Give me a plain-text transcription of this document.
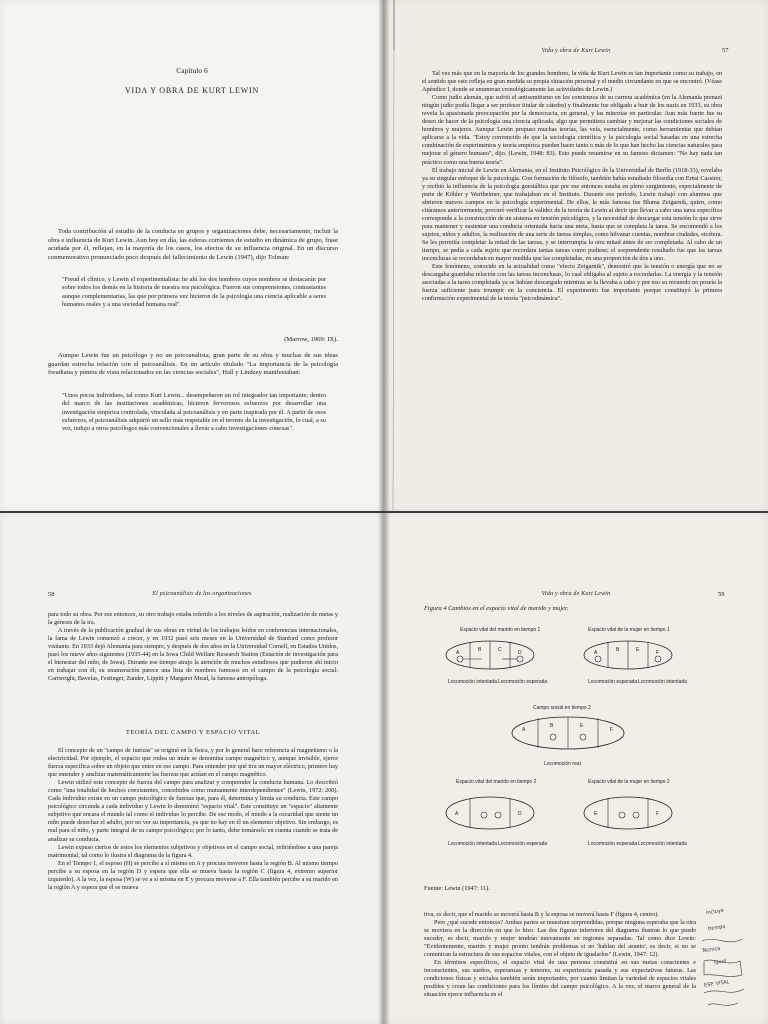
Capítulo 6
VIDA Y OBRA DE KURT LEWIN

Toda contribución al estudio de la conducta en grupos y organizaciones debe, necesariamente, incluir la obra e influencia de Kurt Lewin. Aun hoy en día, las esferas corrientes de estudio en dinámica de grupo, frase acuñada por él, reflejan, en la mayoría de los casos, los efectos de su influencia original. En un discurso conmemorativo pronunciado poco después del fallecimiento de Lewin (1947), dijo Tolman:

"Freud el clínico, y Lewin el experimentalista: he ahí los dos hombres cuyos nombres se destacarán por sobre todos los demás en la historia de nuestra era psicológica. Fueron sus comprensiones, contrastantes aunque complementarias, las que por primera vez hicieron de la psicología una ciencia aplicable a seres humanos reales y a una sociedad humana real".
(Marrow, 1969: IX).

Aunque Lewin fue un psicólogo y no un psicoanalista, gran parte de su obra y muchas de sus ideas guardan estrecha relación con el psicoanálisis. En un artículo titulado "La importancia de la psicología freudiana y puntos de vista relacionados en las ciencias sociales", Hall y Lindzey manifestaban:

"Unos pocos individuos, tal como Kurt Lewin... desempeñaron un rol integrador tan importante; dentro del marco de las instituciones académicas, hicieron fervorosos esfuerzos por desarrollar una investigación empírica controlada, vinculada al psicoanálisis y en parte inspirada por él. A partir de esos esfuerzos, el psicoanálisis adquirió un sello más respetable en el terreno de la investigación, lo cual, a su vez, indujo a otros psicólogos más convencionales a llevar a cabo investigaciones conexas".
Vida y obra de Kurt Lewin	57

Tal vez más que en la mayoría de los grandes hombres, la vida de Kurt Lewin es tan importante como su trabajo, en el sentido que este refleja en gran medida su propia situación personal y el medio circundante en que se encontró. (Véase Apéndice I, donde se enumeran cronológicamente las actividades de Lewin.)

Como judío alemán, que sufrió el antisemitismo en los comienzos de su carrera académica (en la Alemania prenazi ningún judío podía llegar a ser profesor titular de cátedra) y finalmente fue obligado a huir de los nazis en 1933, su obra revela la apasionada preocupación por la democracia, en general, y las minorías en particular. Aun más fuerte fue su deseo de hacer de la psicología una ciencia aplicada, algo que permitiera cambiar y mejorar las condiciones sociales de hombres y mujeres. Aunque Lewin propuso muchas teorías, las veía, esencialmente, como herramientas que debían aplicarse a la vida. "Estoy convencido de que la sociología científica y la psicología social basadas en una estrecha combinación de experimentos y teoría empírica pueden hacer tanto o más de lo que han hecho las ciencias naturales para mejorar el género humano", dijo. (Lewin, 1948: 83). Esto puede resumirse en su famoso dictamen: "No hay nada tan práctico como una buena teoría".

El trabajo inicial de Lewin en Alemania, en el Instituto Psicológico de la Universidad de Berlín (1918-33), revelaba ya su singular enfoque de la psicología. Con formación de filósofo, también había estudiado filosofía con Ernst Cassirer, y recibió la influencia de la psicología guestáltica que por ese entonces estaba en pleno surgimiento, especialmente de parte de Köhler y Wertheimer, que trabajaban en el Instituto. Durante ese período, Lewin trabajó con alumnos que abrieron nuevos campos en la psicología experimental. De ellos, la más famosa fue Bluma Zeigarnik, quien, como citáramos anteriormente, procuró verificar la validez de la teoría de Lewin al decir que llevar a cabo una tarea específica corresponde a la construcción de un sistema en tensión psicológica, y la necesidad de descargar esta tensión lo que sirve para mantener y sustentar una conducta orientada hacia una meta, hasta que se completa la tarea. Se encomendó a los sujetos, niños y adultos, la realización de una serie de tareas simples, como hilvanar cuentas, nombrar ciudades, etcétera. Se les permitía completar la mitad de las tareas, y se interrumpía la otra mitad antes de ser completada. Al cabo de un tiempo, se pedía a cada sujeto que recordara tantas tareas como pudiese; el sorprendente resultado fue que las tareas inconclusas se recordaban en mayor medida que las completadas, en una proporción de dos a uno.

Este fenómeno, conocido en la actualidad como "efecto Zeigarnik", demostró que la tensión o energía que no se descargaba guardaba relación con las tareas inconclusas, lo cual obligaba al sujeto a recordarlas. La energía y la tensión asociadas a la tarea completada ya se habían descargado mientras se la llevaba a cabo y por eso su recuerdo no poseía la fuerza suficiente para irrumpir en la conciencia. El experimento fue importante porque constituyó la primera confirmación experimental de la teoría "psicodinámica".

58	El psicoanálisis de las organizaciones

para todo su obra. Por ese entonces, su otro trabajo estaba referido a los niveles de aspiración, realización de metas y la génesis de la ira.

A través de la publicación gradual de sus obras en virtud de los trabajos leídos en conferencias internacionales, la fama de Lewin comenzó a crecer, y en 1932 pasó seis meses en la Universidad de Stanford como profesor visitante. En 1933 dejó Alemania para siempre, y después de dos años en la Universidad Cornell, en Estados Unidos, pasó los nueve años siguientes (1935-44) en la Iowa Child Welfare Research Station (Estación de investigación para el bienestar del niño, de Iowa). Durante ese tiempo atrajo la atención de muchos estudiosos que pudieron ahí inicio en trabajar con él; su enumeración parece una lista de nombres famosos en el campo de la psicología social: Cartwright, Bavelas, Festinger, Zander, Lippitt y Margaret Mead, la famosa antropóloga.

TEORÍA DEL CAMPO Y ESPACIO VITAL

El concepto de un "campo de fuerzas" se originó en la física, y por lo general hace referencia al magnetismo o la electricidad. Por ejemplo, el espacio que rodea un imán se denomina campo magnético y, aunque invisible, ejerce fuerza específica sobre un objeto que entre en ese campo. Para entender por qué tira un mayor eléctrico, primero hay que entender y analizar matemáticamente las fuerzas que actúan en el campo magnético.

Lewin utilizó este concepto de fuerza del campo para analizar y comprender la conducta humana. Lo describió como "una totalidad de hechos coexistentes, concebidos como mutuamente interdependientes" (Lewin, 1972: 200). Cada individuo existe en un campo psicológico de fuerzas que, para él, determina y limita su conducta. Este campo psicológico circunda a cada individuo y Lewin lo denominó "espacio vital". Este constituye un "espacio" altamente subjetivo que encara el mundo tal como el individuo lo percibe. De ese modo, el miedo a la oscuridad que siente un niño puede desechar el adulto, por no ver su importancia, ya que no hay en él un elemento objetivo. Sin embargo, es real para el niño, y parte integral de su campo psicológico; por lo tanto, debe tomárselo en cuenta cuando se trata de analizar su conducta.

Lewin expuso ciertos de estos los elementos subjetivos y objetivos en el campo social, refiriéndose a una pareja matrimonial, tal como lo ilustra el diagrama de la figura 4.

En el Tiempo 1, el esposo (H) se percibe a sí mismo en A y procura moverse hasta la región B. Al mismo tiempo percibe a su esposa en la región D y espera que ella se mueva hasta la región C (figura 4, extremo superior izquierdo). A la vez, la esposa (W) se ve a sí misma en E y procura moverse a F. Ella también percibe a su marido en la región A y espera que él se mueva

Vida y obra de Kurt Lewin	59
Figura 4 Cambios en el espacio vital de marido y mujer.
Espacio vital del marido en tiempo 1
A	B	C	D
Locomoción intentada Locomoción esperada
Espacio vital de la mujer en tiempo 1
A	B	E	F
Locomoción esperada Locomoción intentada
Campo social en tiempo 2
A
B	E
F
Locomoción real
Espacio vital del marido en tiempo 2
A	D
Locomoción intentada Locomoción esperada
Espacio vital de la mujer en tiempo 2
E	F
Locomoción esperada Locomoción intentada
Fuente: Lewin (1947: 11).

tiva, es decir, que el marido se moverá hasta B y la esposa se moverá hasta F (figura 4, centro).

Pero ¿qué sucede entonces? Ambas partes se muestran sorprendidas, porque ninguna esperaba que la otra se moviera en la dirección en que lo hizo. Las dos figuras inferiores del diagrama ilustran lo que puede suceder, es decir, marido y mujer tendrán nuevamente en regiones separadas. Tal como dice Lewin: "Evidentemente, marido y mujer pronto tendrán problemas si no 'hablan del asunto', es decir, si no se comunican la estructura de sus espacios vitales, con el objeto de igualarlos" (Lewin, 1947: 12).

En términos específicos, el espacio vital de una persona consistirá en sus metas conscientes e inconscientes, sus sueños, esperanzas y temores, su experiencia pasada y sus expectativas futuras. Las condiciones físicas y sociales también serán importantes, por cuanto limitan la variedad de espacios vitales posibles y crean las condiciones para los límites del campo psicológico. A la vez, el marco general de la situación ejerce influencia en el

incluye
tiempo
Técnica
igual
ESP. VITAL
